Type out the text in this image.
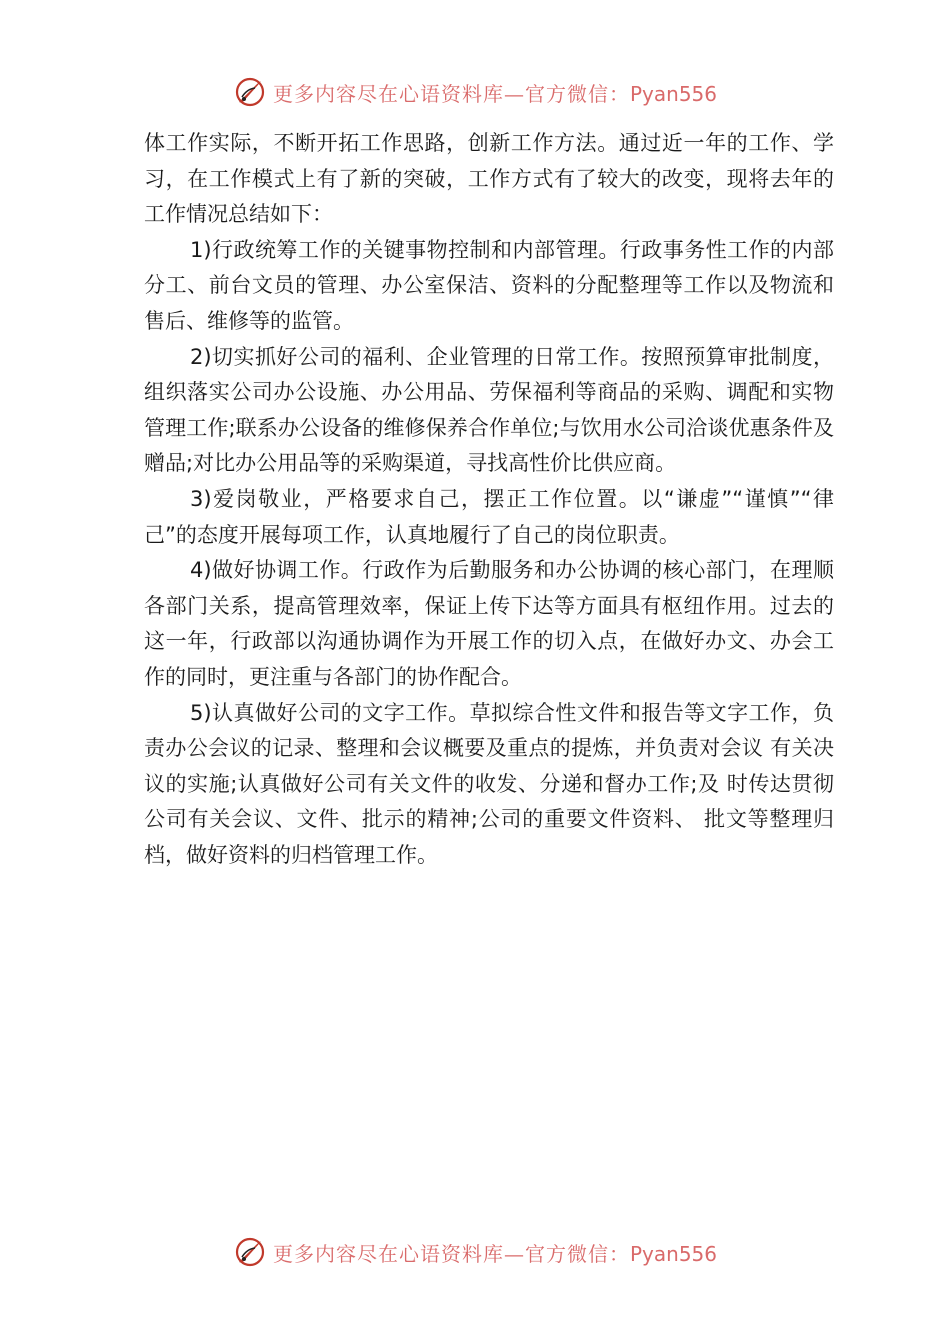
更多内容尽在心语资料库—官方微信：Pyan556

体工作实际，不断开拓工作思路，创新工作方法。通过近一年的工作、学习，在工作模式上有了新的突破，工作方式有了较大的改变，现将去年的工作情况总结如下：

1)行政统筹工作的关键事物控制和内部管理。行政事务性工作的内部分工、前台文员的管理、办公室保洁、资料的分配整理等工作以及物流和售后、维修等的监管。

2)切实抓好公司的福利、企业管理的日常工作。按照预算审批制度，组织落实公司办公设施、办公用品、劳保福利等商品的采购、调配和实物管理工作;联系办公设备的维修保养合作单位;与饮用水公司洽谈优惠条件及赠品;对比办公用品等的采购渠道，寻找高性价比供应商。

3)爱岗敬业，严格要求自己，摆正工作位置。以“谦虚”“谨慎”“律己”的态度开展每项工作，认真地履行了自己的岗位职责。

4)做好协调工作。行政作为后勤服务和办公协调的核心部门，在理顺各部门关系，提高管理效率，保证上传下达等方面具有枢纽作用。过去的这一年，行政部以沟通协调作为开展工作的切入点，在做好办文、办会工作的同时，更注重与各部门的协作配合。

5)认真做好公司的文字工作。草拟综合性文件和报告等文字工作，负责办公会议的记录、整理和会议概要及重点的提炼，并负责对会议 有关决议的实施;认真做好公司有关文件的收发、分递和督办工作;及 时传达贯彻公司有关会议、文件、批示的精神;公司的重要文件资料、 批文等整理归档，做好资料的归档管理工作。

更多内容尽在心语资料库—官方微信：Pyan556
